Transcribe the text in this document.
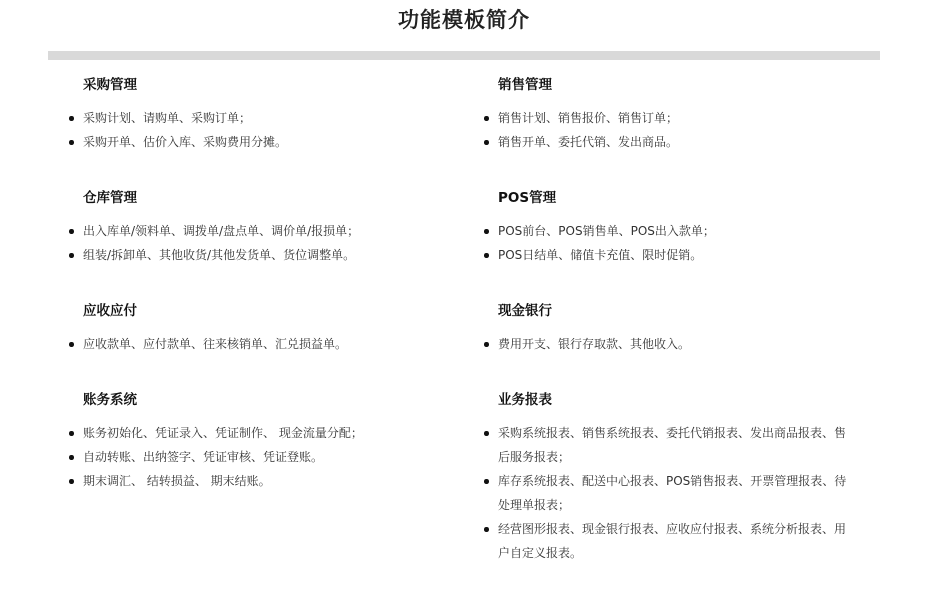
功能模板简介
采购管理
采购计划、请购单、采购订单；
采购开单、估价入库、采购费用分摊。
销售管理
销售计划、销售报价、销售订单；
销售开单、委托代销、发出商品。
仓库管理
出入库单/领料单、调拨单/盘点单、调价单/报损单；
组装/拆卸单、其他收货/其他发货单、货位调整单。
POS管理
POS前台、POS销售单、POS出入款单；
POS日结单、储值卡充值、限时促销。
应收应付
应收款单、应付款单、往来核销单、汇兑损益单。
现金银行
费用开支、银行存取款、其他收入。
账务系统
账务初始化、凭证录入、凭证制作、 现金流量分配；
自动转账、出纳签字、凭证审核、凭证登账。
期末调汇、 结转损益、 期末结账。
业务报表
采购系统报表、销售系统报表、委托代销报表、发出商品报表、售后服务报表；
库存系统报表、配送中心报表、POS销售报表、开票管理报表、待处理单报表；
经营图形报表、现金银行报表、应收应付报表、系统分析报表、用户自定义报表。
